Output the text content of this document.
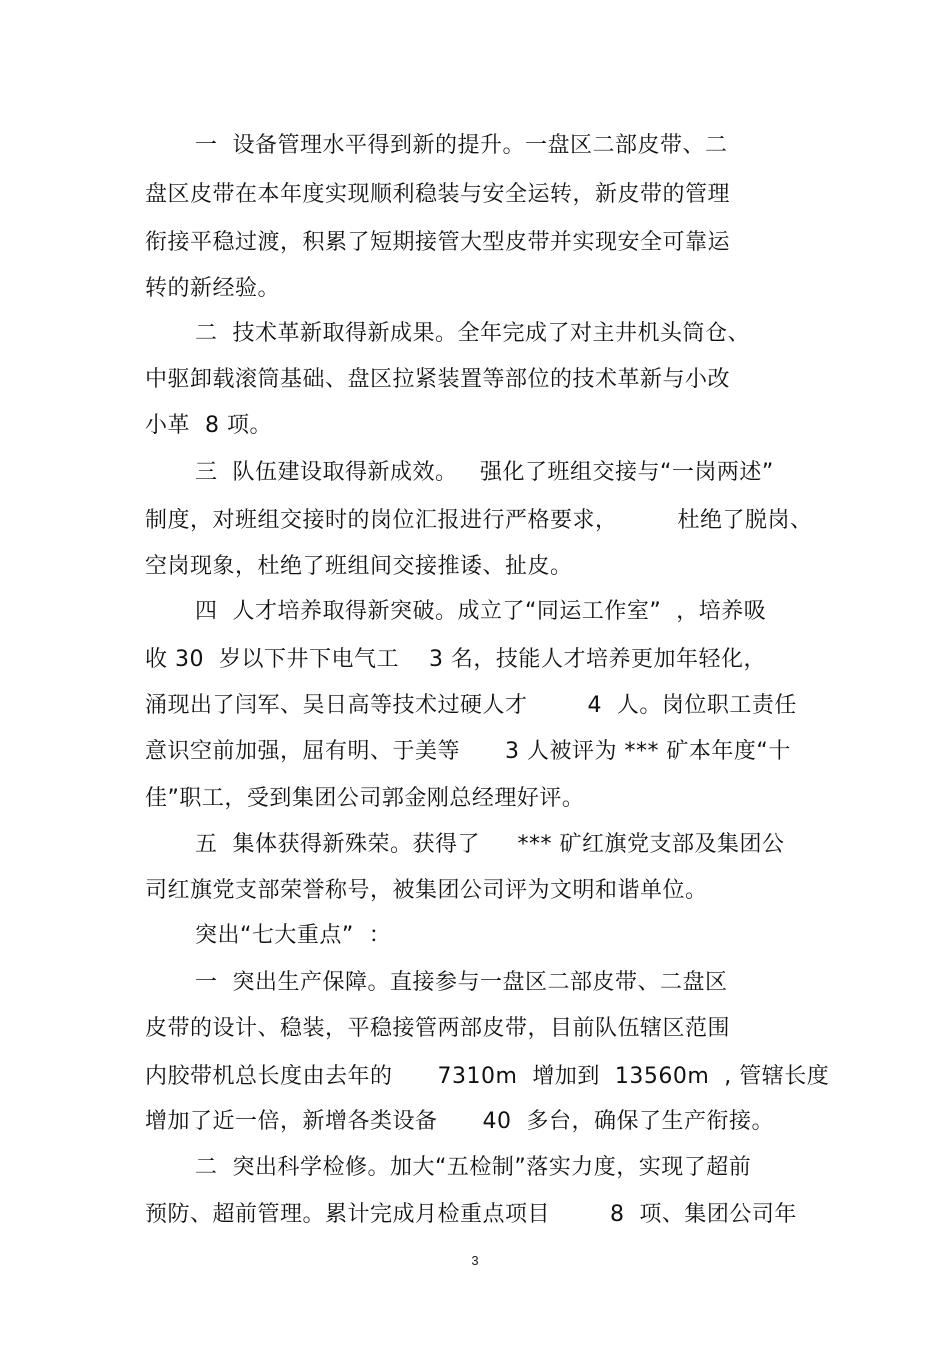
一  设备管理水平得到新的提升。一盘区二部皮带、二
盘区皮带在本年度实现顺利稳装与安全运转，新皮带的管理
衔接平稳过渡，积累了短期接管大型皮带并实现安全可靠运
转的新经验。
二  技术革新取得新成果。全年完成了对主井机头筒仓、
中驱卸载滚筒基础、盘区拉紧装置等部位的技术革新与小改
小革  8 项。
三  队伍建设取得新成效。   强化了班组交接与“一岗两述”
制度，对班组交接时的岗位汇报进行严格要求，        杜绝了脱岗、
空岗现象，杜绝了班组间交接推诿、扯皮。
四  人才培养取得新突破。成立了“同运工作室”  ，培养吸
收 30  岁以下井下电气工    3 名，技能人才培养更加年轻化，
涌现出了闫军、吴日高等技术过硬人才        4  人。岗位职工责任
意识空前加强，屈有明、于美等      3 人被评为 *** 矿本年度“十
佳”职工，受到集团公司郭金刚总经理好评。
五  集体获得新殊荣。获得了     *** 矿红旗党支部及集团公
司红旗党支部荣誉称号，被集团公司评为文明和谐单位。
突出“七大重点”  ：
一  突出生产保障。直接参与一盘区二部皮带、二盘区
皮带的设计、稳装，平稳接管两部皮带，目前队伍辖区范围
内胶带机总长度由去年的      7310m  增加到  13560m  , 管辖长度
增加了近一倍，新增各类设备      40  多台，确保了生产衔接。
二  突出科学检修。加大“五检制”落实力度，实现了超前
预防、超前管理。累计完成月检重点项目        8  项、集团公司年
3
